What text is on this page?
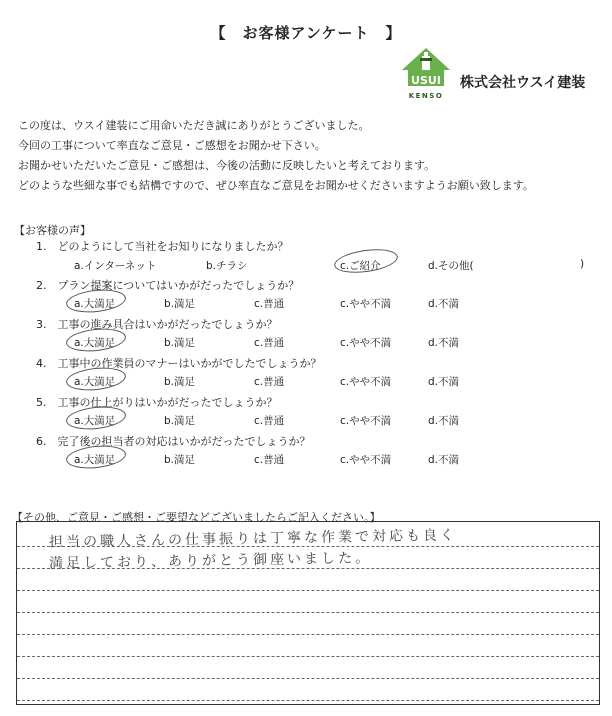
【　お客様アンケート　】
USUI
KENSO
株式会社ウスイ建装
この度は、ウスイ建装にご用命いただき誠にありがとうございました。
今回の工事について率直なご意見・ご感想をお聞かせ下さい。
お聞かせいただいたご意見・ご感想は、今後の活動に反映したいと考えております。
どのような些細な事でも結構ですので、ぜひ率直なご意見をお聞かせくださいますようお願い致します。
【お客様の声】
1.　どのようにして当社をお知りになりましたか？
a.インターネット	b.チラシ	c.ご紹介	d.その他(	)
2.　プラン提案についてはいかがだったでしょうか？
a.大満足	b.満足	c.普通	c.やや不満	d.不満
3.　工事の進み具合はいかがだったでしょうか？
a.大満足	b.満足	c.普通	c.やや不満	d.不満
4.　工事中の作業員のマナーはいかがでしたでしょうか？
a.大満足	b.満足	c.普通	c.やや不満	d.不満
5.　工事の仕上がりはいかがだったでしょうか？
a.大満足	b.満足	c.普通	c.やや不満	d.不満
6.　完了後の担当者の対応はいかがだったでしょうか？
a.大満足	b.満足	c.普通	c.やや不満	d.不満
【その他、ご意見・ご感想・ご要望などございましたらご記入ください。】
担当の職人さんの仕事振りは丁寧な作業で対応も良く
満足しており、ありがとう御座いました。
